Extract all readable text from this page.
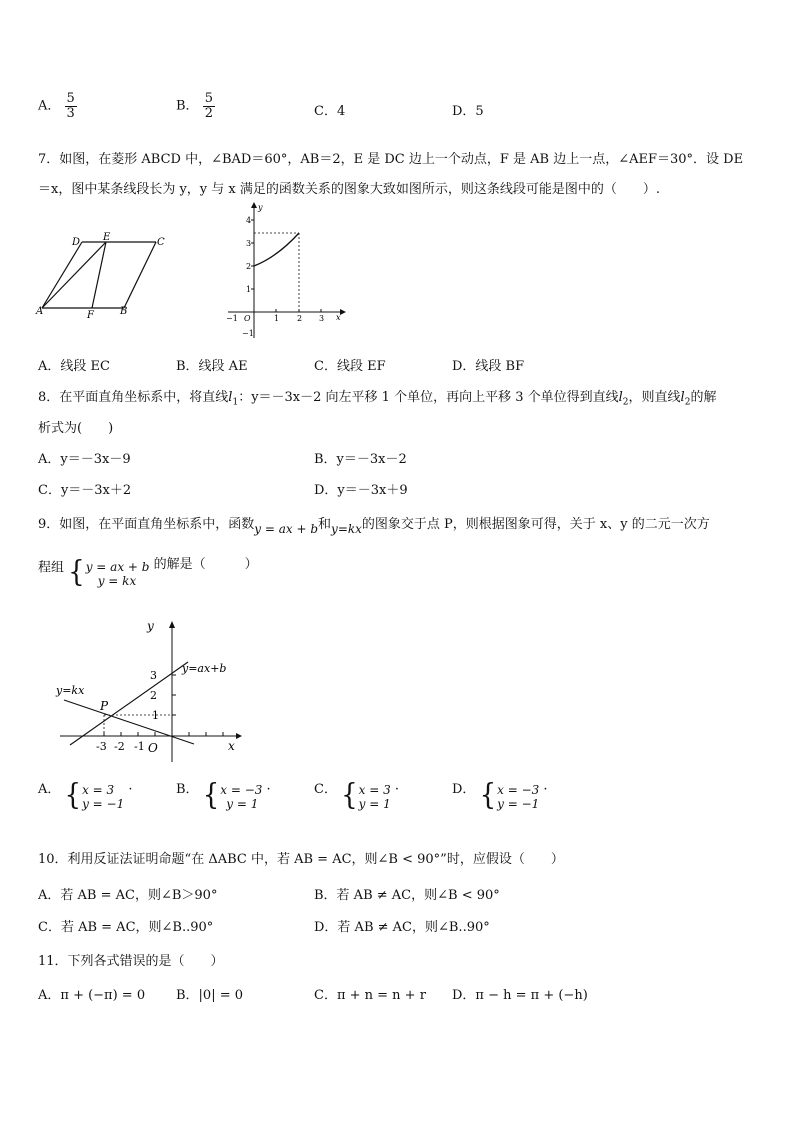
A． $\frac{5}{3}$	B． $\frac{5}{2}$	C．4	D．5
7．如图，在菱形 ABCD 中，∠BAD＝60°，AB＝2，E 是 DC 边上一个动点，F 是 AB 边上一点，∠AEF＝30°．设 DE
＝x，图中某条线段长为 y，y 与 x 满足的函数关系的图象大致如图所示，则这条线段可能是图中的（　　）.
D E	C
A	F	B
y
x
O
4
3
2
1
−1
−1	1 2 3
A．线段 EC	B．线段 AE	C．线段 EF	D．线段 BF
8．在平面直角坐标系中，将直线$l_1$：y＝－3x－2 向左平移 1 个单位，再向上平移 3 个单位得到直线$l_2$，则直线$l_2$的解
析式为(　　)
A．y＝－3x－9	B．y＝－3x－2
C．y＝－3x＋2	D．y＝－3x＋9
9．如图，在平面直角坐标系中，函数y = ax + b和y=kx的图象交于点 P，则根据图象可得，关于 x、y 的二元一次方
程组 { y = ax + b
y = kx
的解是（　　　）
y
x
O
P
y=ax+b
y=kx
3
2
1
-3 -2 -1
A． { x = 3
y = −1
·	B． { x = −3
y = 1
·	C． { x = 3
y = 1
·	D． { x = −3
y = −1
·
10．利用反证法证明命题“在 ΔABC 中，若 AB = AC，则∠B < 90°”时，应假设（　　）
A．若 AB = AC，则∠B＞90°	B．若 AB ≠ AC，则∠B < 90°
C．若 AB = AC，则∠B..90°	D．若 AB ≠ AC，则∠B..90°
11．下列各式错误的是（　　）
A．π + (−π) = 0 B．|0| = 0	C．π + n = n + r D．π − h = π + (−h)
